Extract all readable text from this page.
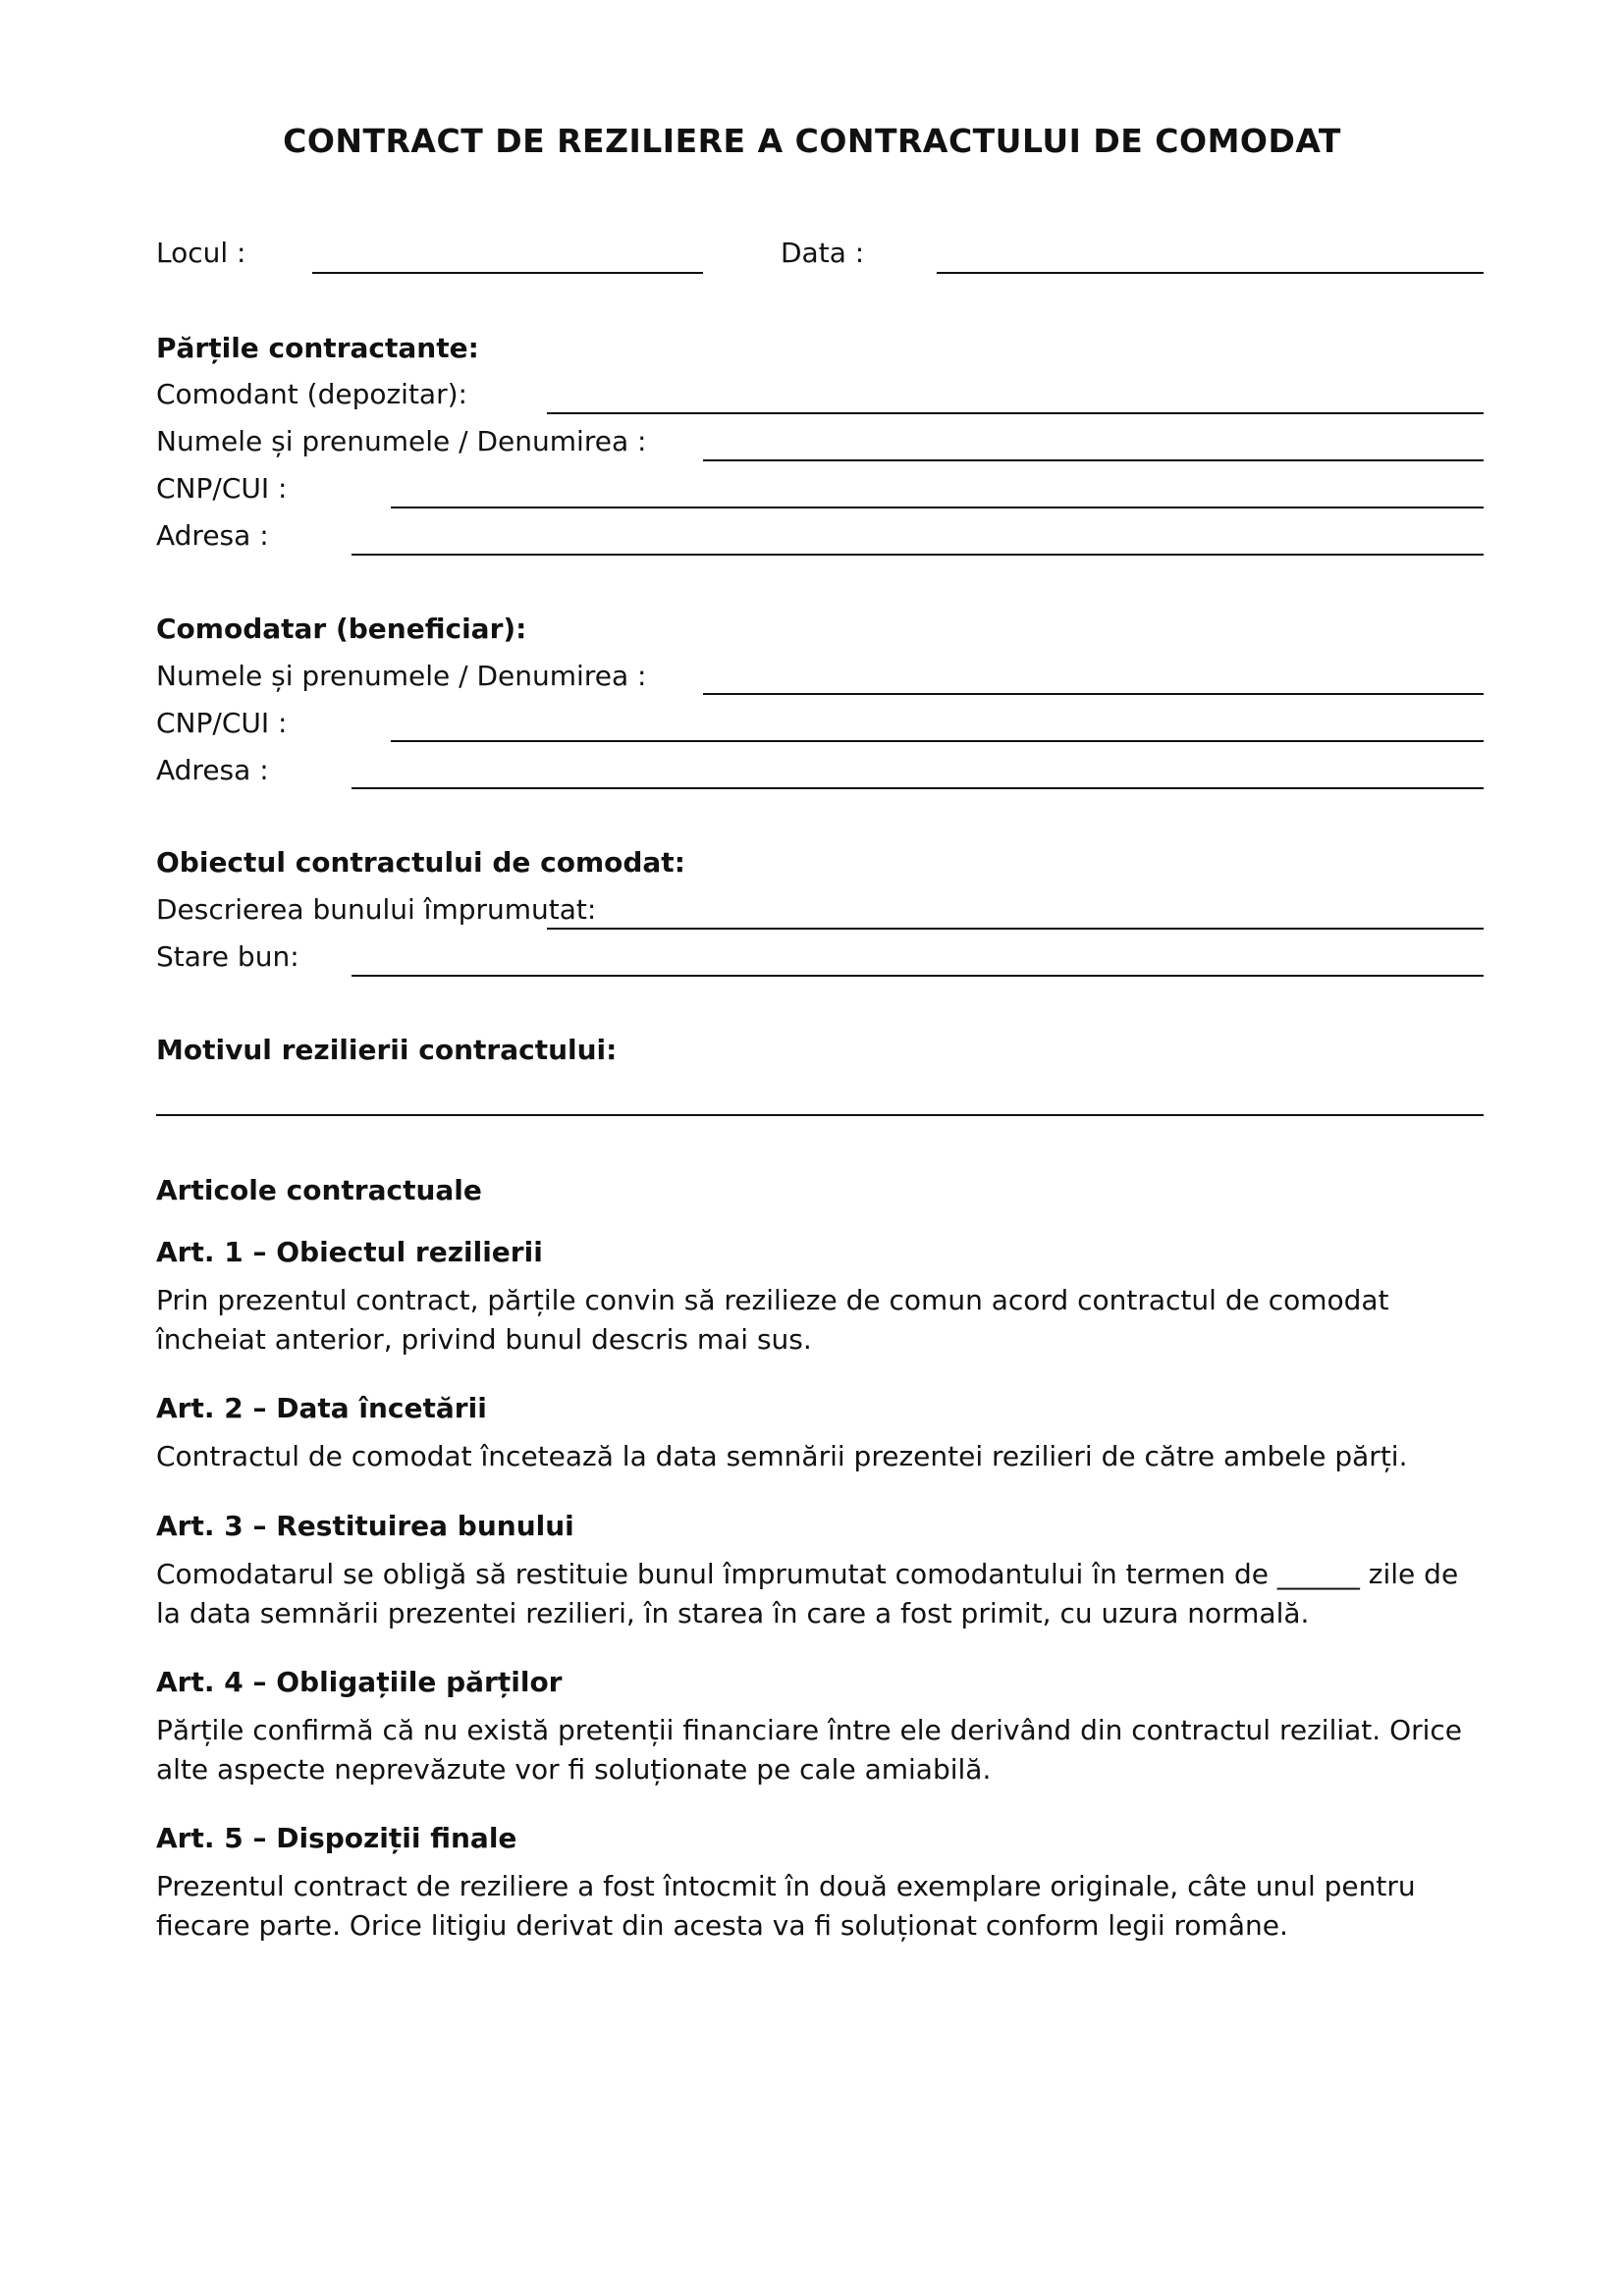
CONTRACT DE REZILIERE A CONTRACTULUI DE COMODAT
Locul :	Data :
Părțile contractante:
Comodant (depozitar):
Numele și prenumele / Denumirea :
CNP/CUI :
Adresa :
Comodatar (beneficiar):
Numele și prenumele / Denumirea :
CNP/CUI :
Adresa :
Obiectul contractului de comodat:
Descrierea bunului împrumutat:
Stare bun:
Motivul rezilierii contractului:
Articole contractuale
Art. 1 – Obiectul rezilierii
Prin prezentul contract, părțile convin să rezilieze de comun acord contractul de comodat încheiat anterior, privind bunul descris mai sus.
Art. 2 – Data încetării
Contractul de comodat încetează la data semnării prezentei rezilieri de către ambele părți.
Art. 3 – Restituirea bunului
Comodatarul se obligă să restituie bunul împrumutat comodantului în termen de ______ zile de la data semnării prezentei rezilieri, în starea în care a fost primit, cu uzura normală.
Art. 4 – Obligațiile părților
Părțile confirmă că nu există pretenții financiare între ele derivând din contractul reziliat. Orice alte aspecte neprevăzute vor fi soluționate pe cale amiabilă.
Art. 5 – Dispoziții finale
Prezentul contract de reziliere a fost întocmit în două exemplare originale, câte unul pentru fiecare parte. Orice litigiu derivat din acesta va fi soluționat conform legii române.
